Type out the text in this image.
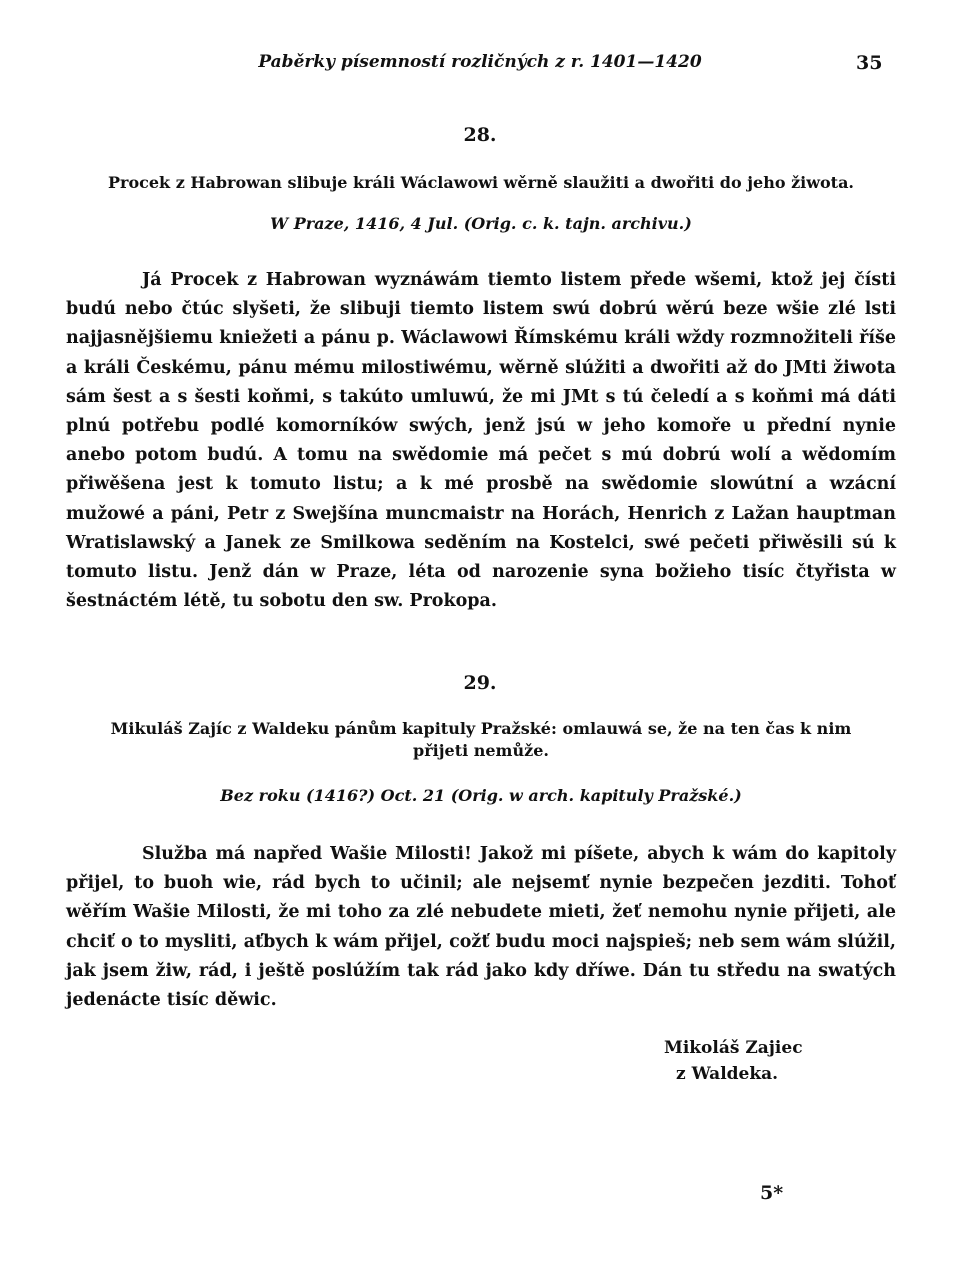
Paběrky písemností rozličných z r. 1401—1420	35
28.
Procek z Habrowan slibuje králi Wáclawowi wěrně slaužiti a dwořiti do jeho žiwota.
W Praze, 1416, 4 Jul. (Orig. c. k. tajn. archivu.)

Já Procek z Habrowan wyznáwám tiemto listem přede wšemi, ktož jej čísti budú nebo čtúc slyšeti, že slibuji tiemto listem swú dobrú wěrú beze wšie zlé lsti najjasnějšiemu kniežeti a pánu p. Wáclawowi Římskému králi wždy rozmnožiteli říše a králi Českému, pánu mému milostiwému, wěrně slúžiti a dwořiti až do JMti žiwota sám šest a s šesti koňmi, s takúto umluwú, že mi JMt s tú čeledí a s koňmi má dáti plnú potřebu podlé komorníków swých, jenž jsú w jeho komoře u přední nynie anebo potom budú. A tomu na swědomie má pečet s mú dobrú wolí a wědomím přiwěšena jest k tomuto listu; a k mé prosbě na swědomie slowútní a wzácní mužowé a páni, Petr z Swejšína muncmaistr na Horách, Henrich z Lažan hauptman Wratislawský a Janek ze Smilkowa seděním na Kostelci, swé pečeti přiwěsili sú k tomuto listu. Jenž dán w Praze, léta od narozenie syna božieho tisíc čtyřista w šestnáctém létě, tu sobotu den sw. Prokopa.

29.
Mikuláš Zajíc z Waldeku pánům kapituly Pražské: omlauwá se, že na ten čas k nim
přijeti nemůže.
Bez roku (1416?) Oct. 21 (Orig. w arch. kapituly Pražské.)

Služba má napřed Wašie Milosti! Jakož mi píšete, abych k wám do kapitoly přijel, to buoh wie, rád bych to učinil; ale nejsemť nynie bezpečen jezditi. Tohoť wěřím Wašie Milosti, že mi toho za zlé nebudete mieti, žeť nemohu nynie přijeti, ale chciť o to mysliti, aťbych k wám přijel, cožť budu moci najspieš; neb sem wám slúžil, jak jsem žiw, rád, i ještě poslúžím tak rád jako kdy dříwe. Dán tu středu na swatých jedenácte tisíc děwic.

Mikoláš Zajiec
z Waldeka.
5*
